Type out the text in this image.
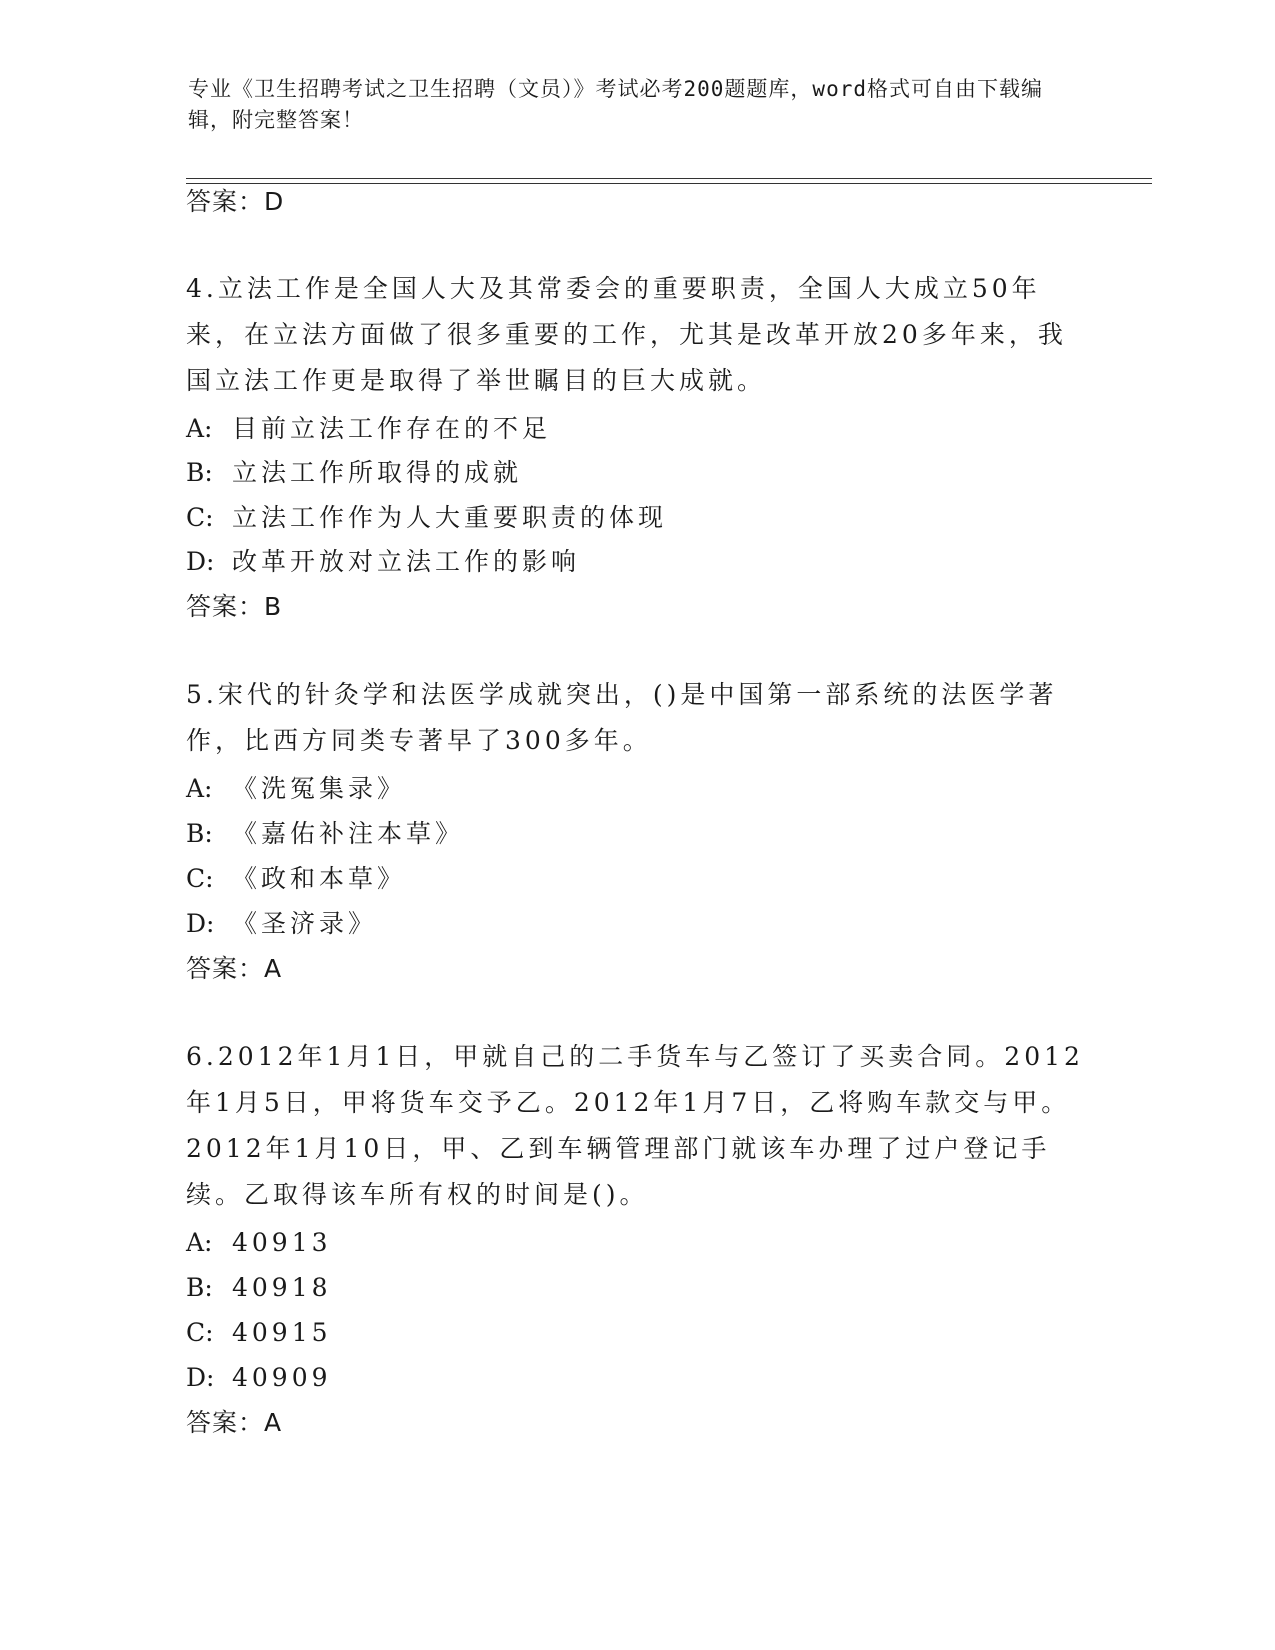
专业《卫生招聘考试之卫生招聘（文员）》考试必考200题题库，word格式可自由下载编辑，附完整答案！
答案：D
4.立法工作是全国人大及其常委会的重要职责，全国人大成立50年来，在立法方面做了很多重要的工作，尤其是改革开放20多年来，我国立法工作更是取得了举世瞩目的巨大成就。
A: 目前立法工作存在的不足
B: 立法工作所取得的成就
C: 立法工作作为人大重要职责的体现
D: 改革开放对立法工作的影响
答案：B
5.宋代的针灸学和法医学成就突出，()是中国第一部系统的法医学著作，比西方同类专著早了300多年。
A: 《洗冤集录》
B: 《嘉佑补注本草》
C: 《政和本草》
D: 《圣济录》
答案：A
6.2012年1月1日，甲就自己的二手货车与乙签订了买卖合同。2012年1月5日，甲将货车交予乙。2012年1月7日，乙将购车款交与甲。2012年1月10日，甲、乙到车辆管理部门就该车办理了过户登记手续。乙取得该车所有权的时间是()。
A: 40913
B: 40918
C: 40915
D: 40909
答案：A
